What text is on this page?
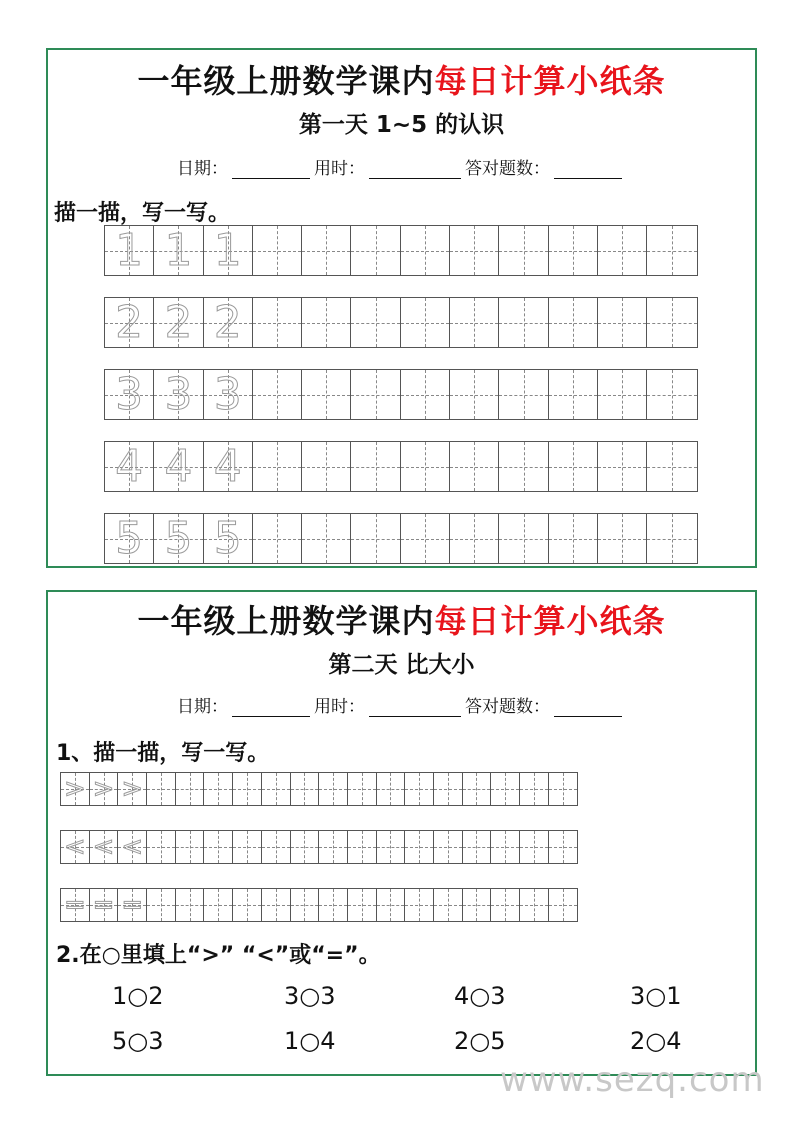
一年级上册数学课内每日计算小纸条
第一天 1~5 的认识
日期：	用时：	答对题数：
描一描，写一写。
1 1 1
2 2 2
3 3 3
4 4 4
5 5 5
一年级上册数学课内每日计算小纸条
第二天 比大小
日期：	用时：	答对题数：
1、描一描，写一写。
> > >
< < <
= = =
2.在○里填上“>” “<”或“=”。
1○2	3○3	4○3	3○1
5○3	1○4	2○5	2○4
www.sezq.com
